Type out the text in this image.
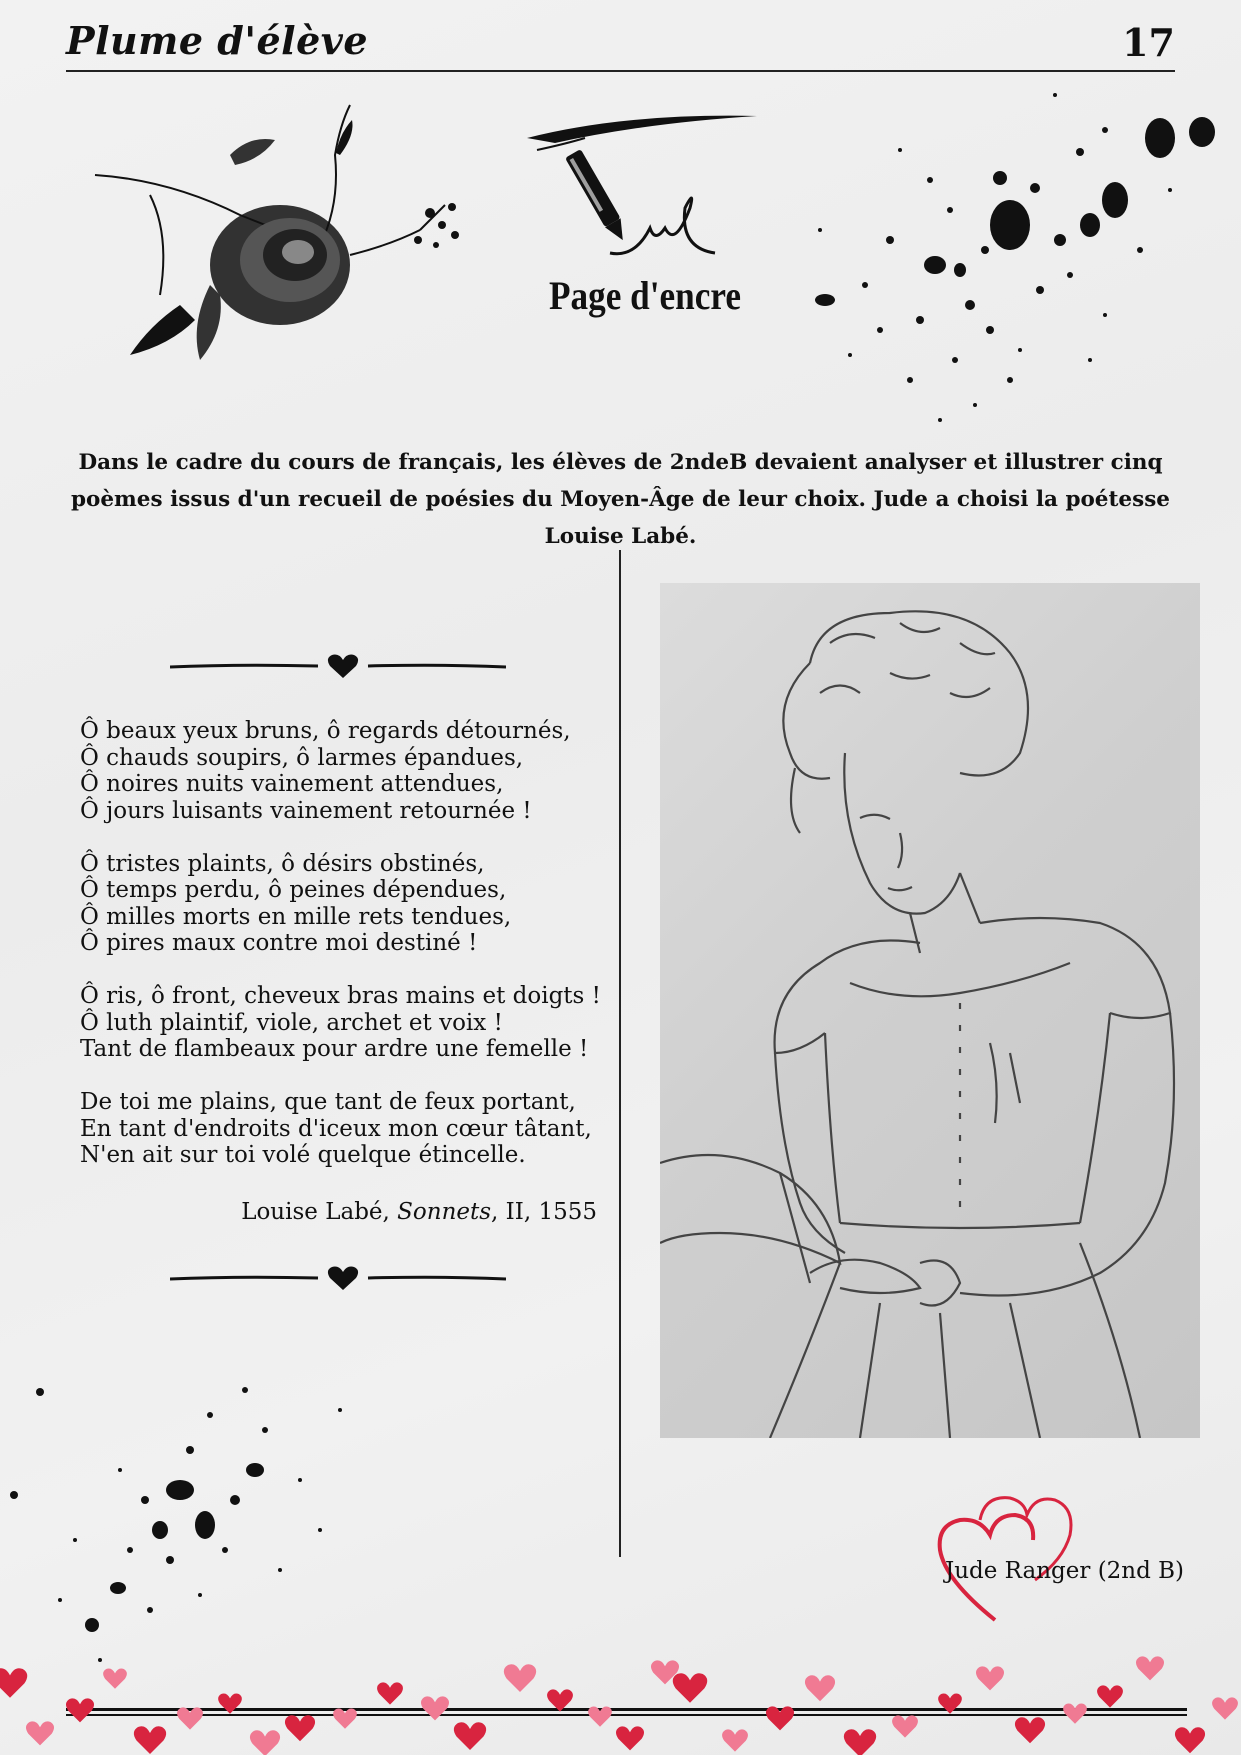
Plume d'élève	17
Page d'encre
Dans le cadre du cours de français, les élèves de 2ndeB devaient analyser et illustrer cinq poèmes issus d'un recueil de poésies du Moyen-Âge de leur choix. Jude a choisi la poétesse Louise Labé.
Ô beaux yeux bruns, ô regards détournés,
Ô chauds soupirs, ô larmes épandues,
Ô noires nuits vainement attendues,
Ô jours luisants vainement retournée !
Ô tristes plaints, ô désirs obstinés,
Ô temps perdu, ô peines dépendues,
Ô milles morts en mille rets tendues,
Ô pires maux contre moi destiné !
Ô ris, ô front, cheveux bras mains et doigts !
Ô luth plaintif, viole, archet et voix !
Tant de flambeaux pour ardre une femelle !
De toi me plains, que tant de feux portant,
En tant d'endroits d'iceux mon cœur tâtant,
N'en ait sur toi volé quelque étincelle.
Louise Labé, Sonnets, II, 1555
Jude Ranger (2nd B)
